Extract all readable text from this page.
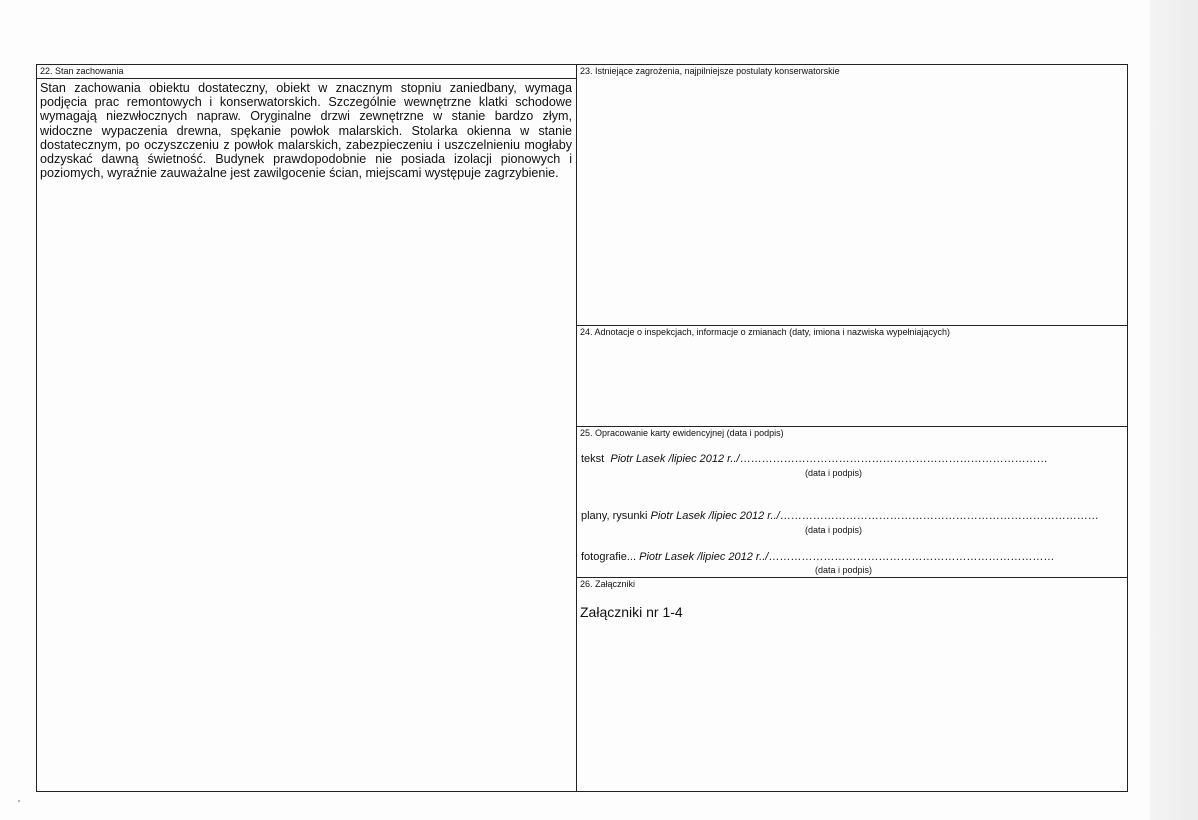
22. Stan zachowania
Stan zachowania obiektu dostateczny, obiekt w znacznym stopniu zaniedbany, wymaga podjęcia prac remontowych i konserwatorskich. Szczególnie wewnętrzne klatki schodowe wymagają niezwłocznych napraw. Oryginalne drzwi zewnętrzne w stanie bardzo złym, widoczne wypaczenia drewna, spękanie powłok malarskich. Stolarka okienna w stanie dostatecznym, po oczyszczeniu z powłok malarskich, zabezpieczeniu i uszczelnieniu mogłaby odzyskać dawną świetność. Budynek prawdopodobnie nie posiada izolacji pionowych i poziomych, wyraźnie zauważalne jest zawilgocenie ścian, miejscami występuje zagrzybienie.
23. Istniejące zagrożenia, najpilniejsze postulaty konserwatorskie
24. Adnotacje o inspekcjach, informacje o zmianach (daty, imiona i nazwiska wypełniających)
25. Opracowanie karty ewidencyjnej (data i podpis)
tekst Piotr Lasek /lipiec 2012 r../…………………………………………………………………………
(data i podpis)
plany, rysunki Piotr Lasek /lipiec 2012 r../……………………………………………………………………………
(data i podpis)
fotografie... Piotr Lasek /lipiec 2012 r../……………………………………………………………………
(data i podpis)
26. Załączniki
Załączniki nr 1-4
